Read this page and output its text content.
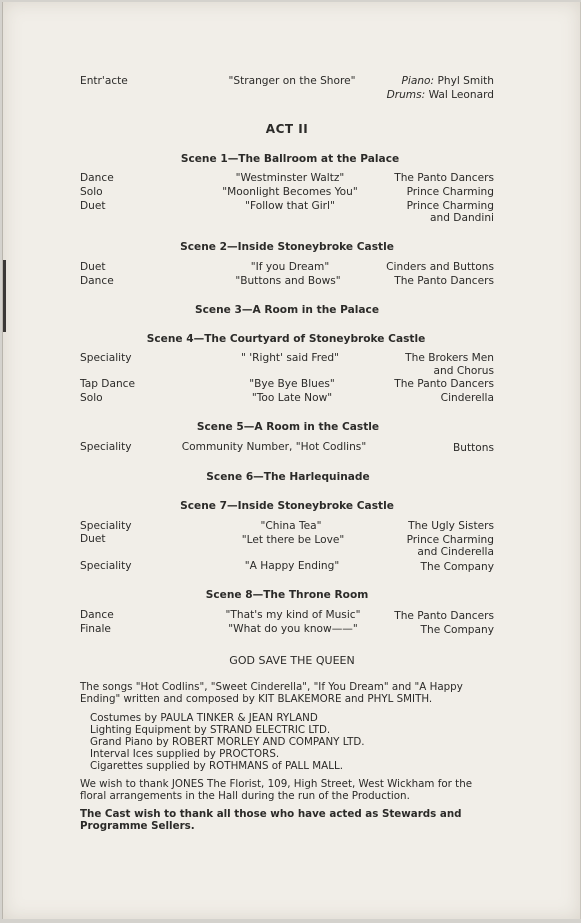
Entr'acte	"Stranger on the Shore"	Piano: Phyl Smith
Drums: Wal Leonard
ACT II
Scene 1—The Ballroom at the Palace
Dance	"Westminster Waltz"	The Panto Dancers
Solo	"Moonlight Becomes You"	Prince Charming
Duet	"Follow that Girl"	Prince Charming
and Dandini
Scene 2—Inside Stoneybroke Castle
Duet	"If you Dream"	Cinders and Buttons
Dance	"Buttons and Bows"	The Panto Dancers
Scene 3—A Room in the Palace
Scene 4—The Courtyard of Stoneybroke Castle
Speciality	" 'Right' said Fred"	The Brokers Men
and Chorus
Tap Dance	"Bye Bye Blues"	The Panto Dancers
Solo	"Too Late Now"	Cinderella
Scene 5—A Room in the Castle
Speciality	Community Number, "Hot Codlins"	Buttons
Scene 6—The Harlequinade
Scene 7—Inside Stoneybroke Castle
Speciality	"China Tea"	The Ugly Sisters
Duet	"Let there be Love"	Prince Charming
and Cinderella
Speciality	"A Happy Ending"	The Company
Scene 8—The Throne Room
Dance	"That's my kind of Music"	The Panto Dancers
Finale	"What do you know——"	The Company
GOD SAVE THE QUEEN
The songs "Hot Codlins", "Sweet Cinderella", "If You Dream" and "A Happy
Ending" written and composed by KIT BLAKEMORE and PHYL SMITH.
Costumes by PAULA TINKER & JEAN RYLAND
Lighting Equipment by STRAND ELECTRIC LTD.
Grand Piano by ROBERT MORLEY AND COMPANY LTD.
Interval Ices supplied by PROCTORS.
Cigarettes supplied by ROTHMANS of PALL MALL.
We wish to thank JONES The Florist, 109, High Street, West Wickham for the
floral arrangements in the Hall during the run of the Production.
The Cast wish to thank all those who have acted as Stewards and
Programme Sellers.
